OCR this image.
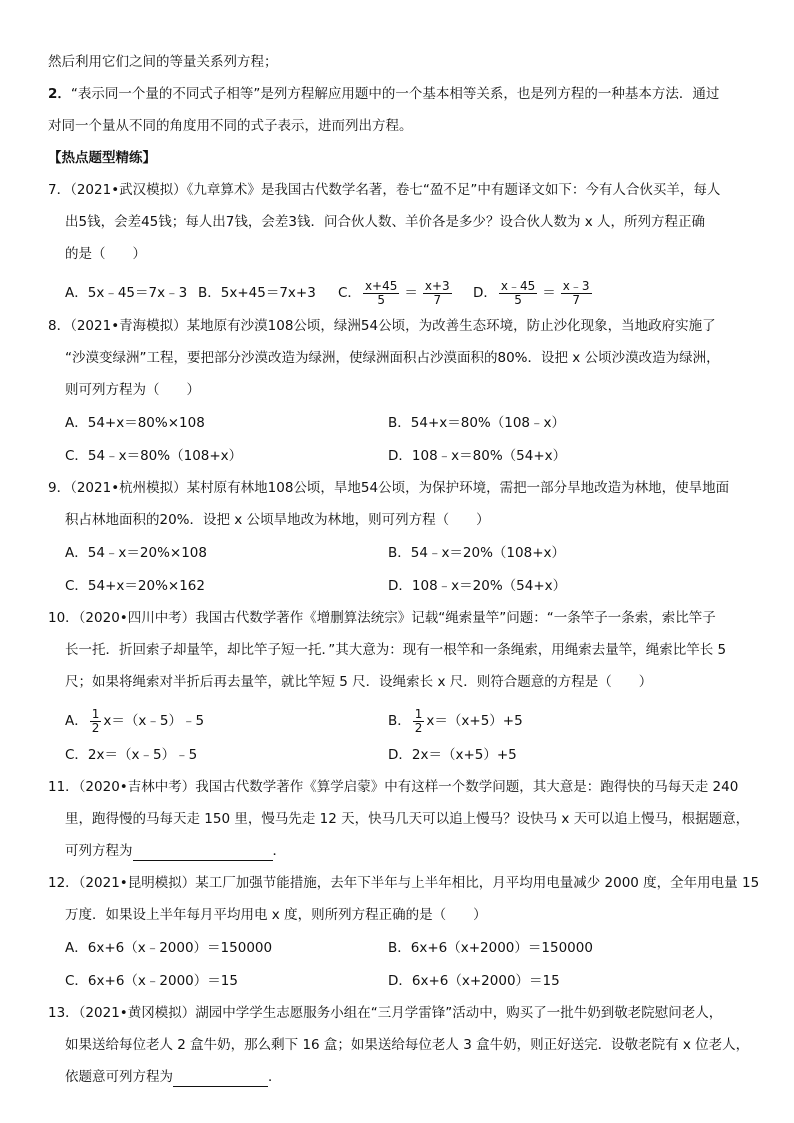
然后利用它们之间的等量关系列方程；
2．“表示同一个量的不同式子相等”是列方程解应用题中的一个基本相等关系，也是列方程的一种基本方法．通过
对同一个量从不同的角度用不同的式子表示，进而列出方程。
【热点题型精练】
7．（2021•武汉模拟）《九章算术》是我国古代数学名著，卷七“盈不足”中有题译文如下：今有人合伙买羊，每人
出5钱，会差45钱；每人出7钱，会差3钱．问合伙人数、羊价各是多少？设合伙人数为 x 人，所列方程正确
的是（　　）
A．5x﹣45＝7x﹣3 B．5x+45＝7x+3 C． $\frac{x+45}{5} = \frac{x+3}{7}$ D． $\frac{x﹣45}{5} = \frac{x﹣3}{7}$
8．（2021•青海模拟）某地原有沙漠108公顷，绿洲54公顷，为改善生态环境，防止沙化现象，当地政府实施了
“沙漠变绿洲”工程，要把部分沙漠改造为绿洲，使绿洲面积占沙漠面积的80%．设把 x 公顷沙漠改造为绿洲，
则可列方程为（　　）
A．54+x＝80%×108	B．54+x＝80%（108﹣x）
C．54﹣x＝80%（108+x）	D．108﹣x＝80%（54+x）
9．（2021•杭州模拟）某村原有林地108公顷，旱地54公顷，为保护环境，需把一部分旱地改造为林地，使旱地面
积占林地面积的20%．设把 x 公顷旱地改为林地，则可列方程（　　）
A．54﹣x＝20%×108	B．54﹣x＝20%（108+x）
C．54+x＝20%×162	D．108﹣x＝20%（54+x）
10．（2020•四川中考）我国古代数学著作《增删算法统宗》记载“绳索量竿”问题：“一条竿子一条索，索比竿子
长一托．折回索子却量竿，却比竿子短一托．”其大意为：现有一根竿和一条绳索，用绳索去量竿，绳索比竿长 5
尺；如果将绳索对半折后再去量竿，就比竿短 5 尺．设绳索长 x 尺．则符合题意的方程是（　　）
A． $\frac{1}{2}$ x＝（x﹣5）﹣5	B． $\frac{1}{2} x=(x+5)+5$
C．2x＝（x﹣5）﹣5	D．2x＝（x+5）+5
11．（2020•吉林中考）我国古代数学著作《算学启蒙》中有这样一个数学问题，其大意是：跑得快的马每天走 240
里，跑得慢的马每天走 150 里，慢马先走 12 天，快马几天可以追上慢马？设快马 x 天可以追上慢马，根据题意，
可列方程为	．
12．（2021•昆明模拟）某工厂加强节能措施，去年下半年与上半年相比，月平均用电量减少 2000 度，全年用电量 15
万度．如果设上半年每月平均用电 x 度，则所列方程正确的是（　　）
A．6x+6（x﹣2000）＝150000	B．6x+6（x+2000）＝150000
C．6x+6（x﹣2000）＝15	D．6x+6（x+2000）＝15
13．（2021•黄冈模拟）湖园中学学生志愿服务小组在“三月学雷锋”活动中，购买了一批牛奶到敬老院慰问老人，
如果送给每位老人 2 盒牛奶，那么剩下 16 盒；如果送给每位老人 3 盒牛奶，则正好送完．设敬老院有 x 位老人，
依题意可列方程为	．
